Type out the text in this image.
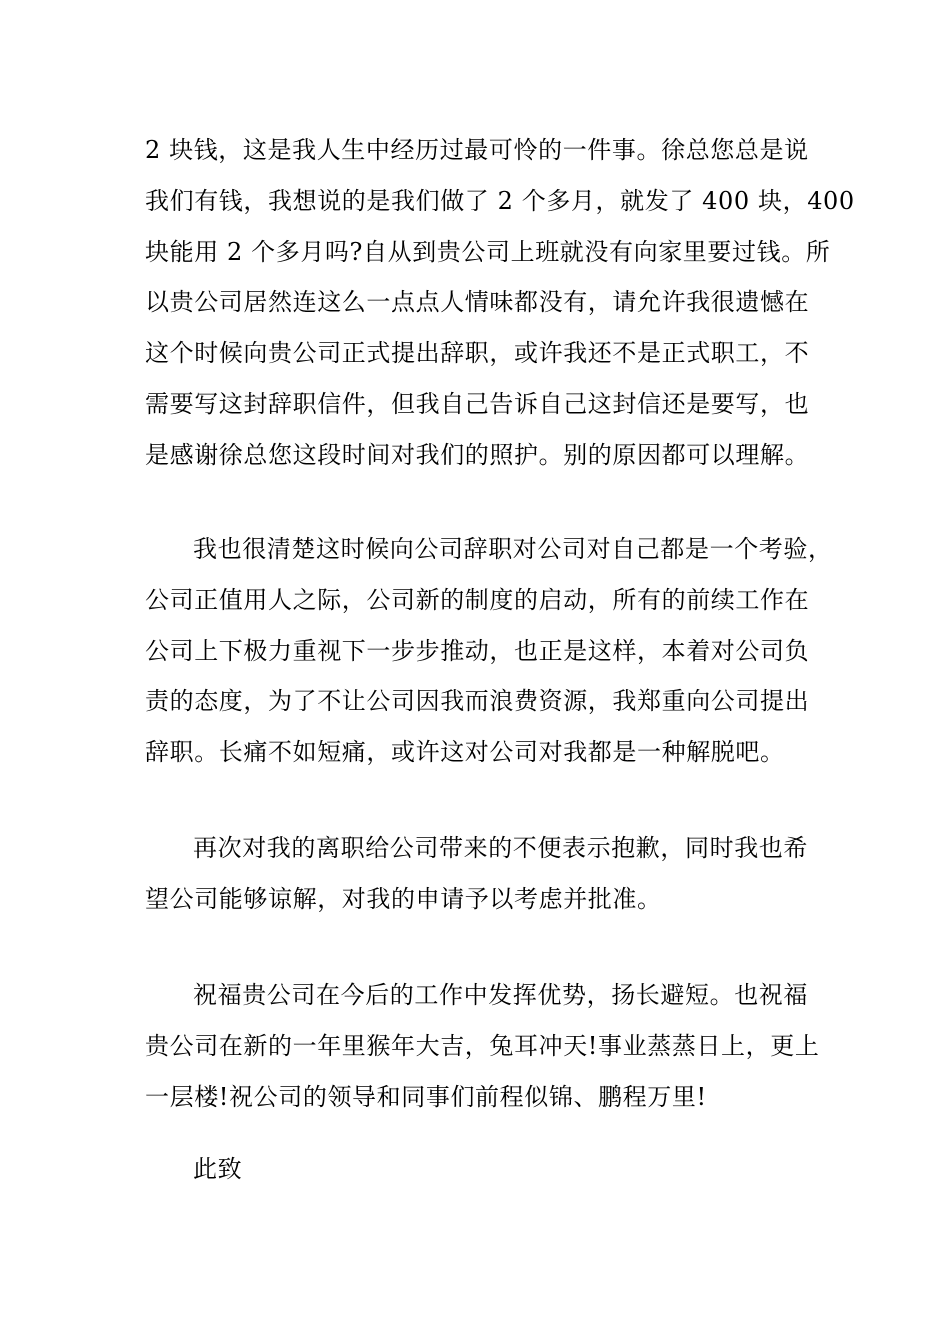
2 块钱，这是我人生中经历过最可怜的一件事。徐总您总是说
我们有钱，我想说的是我们做了 2 个多月，就发了 400 块，400
块能用 2 个多月吗?自从到贵公司上班就没有向家里要过钱。所
以贵公司居然连这么一点点人情味都没有，请允许我很遗憾在
这个时候向贵公司正式提出辞职，或许我还不是正式职工，不
需要写这封辞职信件，但我自己告诉自己这封信还是要写，也
是感谢徐总您这段时间对我们的照护。别的原因都可以理解。
我也很清楚这时候向公司辞职对公司对自己都是一个考验，
公司正值用人之际，公司新的制度的启动，所有的前续工作在
公司上下极力重视下一步步推动，也正是这样，本着对公司负
责的态度，为了不让公司因我而浪费资源，我郑重向公司提出
辞职。长痛不如短痛，或许这对公司对我都是一种解脱吧。
再次对我的离职给公司带来的不便表示抱歉，同时我也希
望公司能够谅解，对我的申请予以考虑并批准。
祝福贵公司在今后的工作中发挥优势，扬长避短。也祝福
贵公司在新的一年里猴年大吉，兔耳冲天!事业蒸蒸日上，更上
一层楼!祝公司的领导和同事们前程似锦、鹏程万里!
此致
